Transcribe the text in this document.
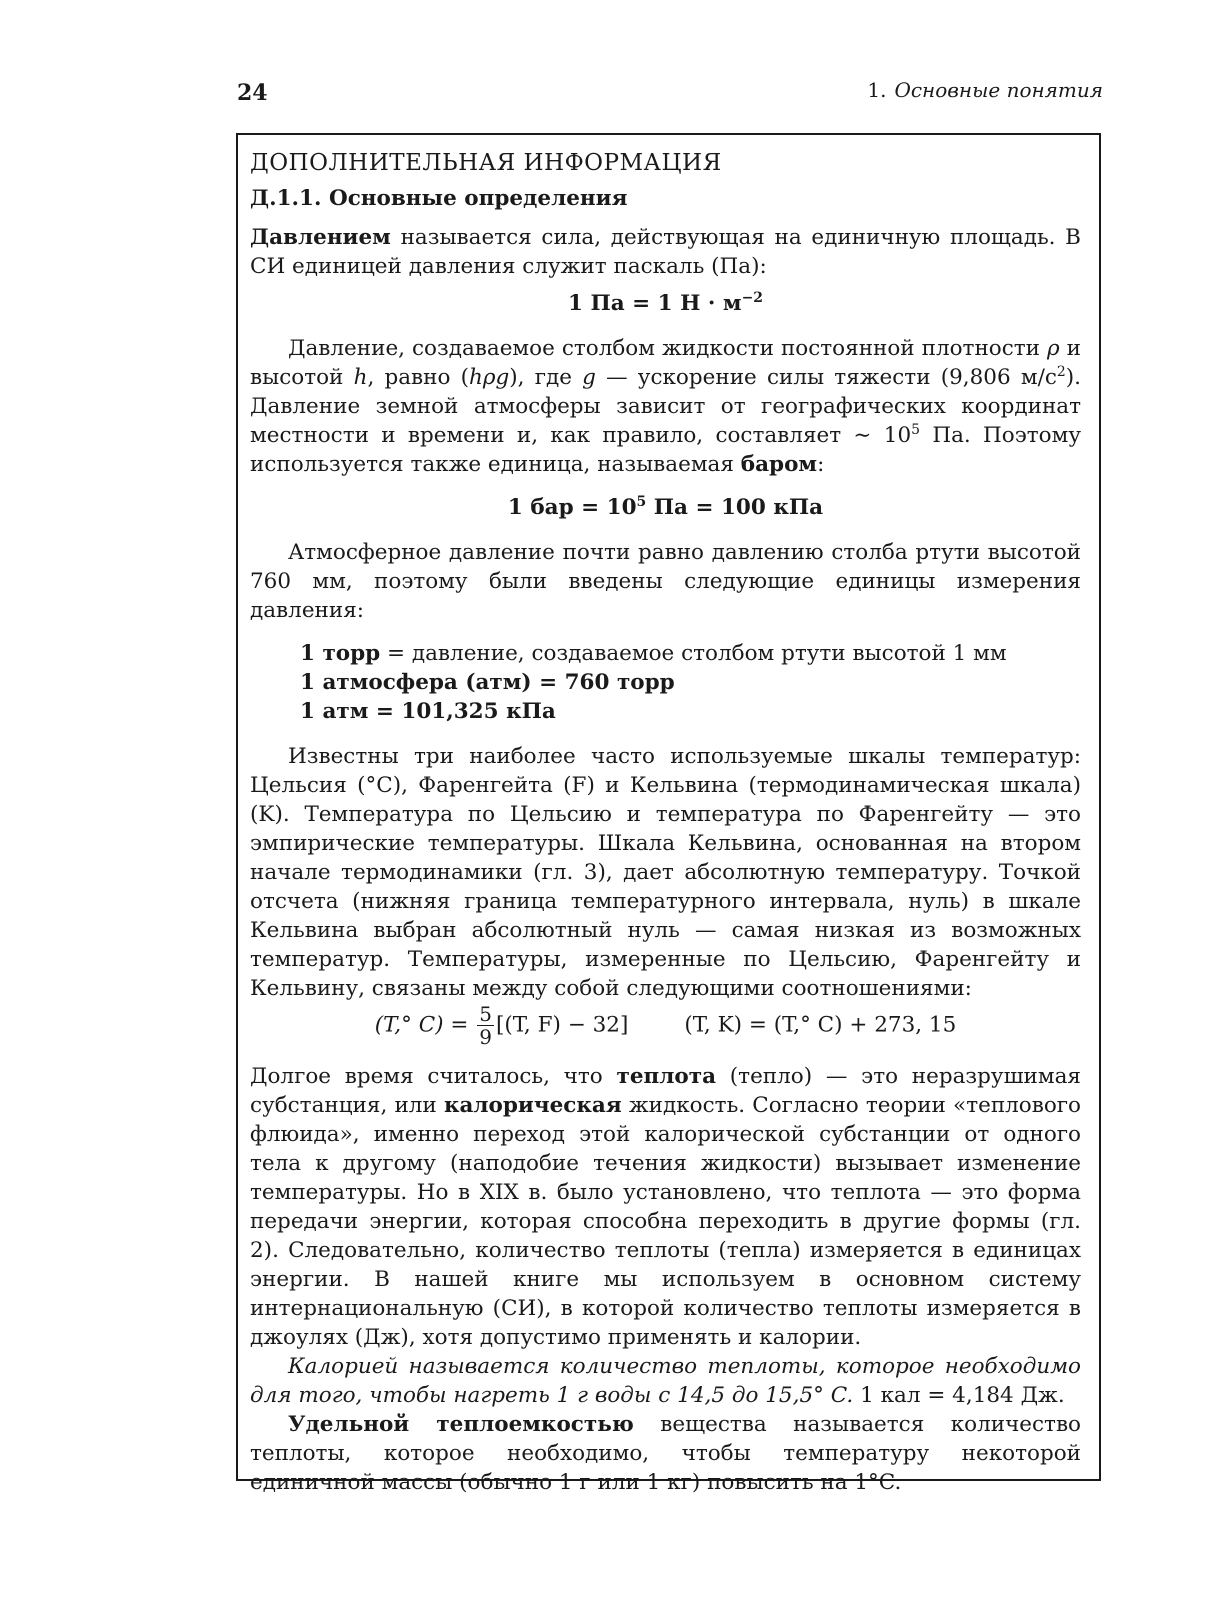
24	1. Основные понятия
ДОПОЛНИТЕЛЬНАЯ ИНФОРМАЦИЯ
Д.1.1. Основные определения

Давлением называется сила, действующая на единичную площадь. В СИ единицей давления служит паскаль (Па):

1 Па = 1 $Н \cdot м^{-2}$

Давление, создаваемое столбом жидкости постоянной плотности ρ и высотой h, равно (hρg), где g — ускорение силы тяжести (9,806 $м/с^2$). Давление земной атмосферы зависит от географических координат местности и времени и, как правило, составляет ∼ $10^5$ Па. Поэтому используется также единица, называемая баром:

1 бар = $10^5$ Па = 100 кПа

Атмосферное давление почти равно давлению столба ртути высотой 760 мм, поэтому были введены следующие единицы измерения давления:

1 торр = давление, создаваемое столбом ртути высотой 1 мм
1 атмосфера (атм) = 760 торр
1 атм = 101,325 кПа

Известны три наиболее часто используемые шкалы температур: Цельсия (°C), Фаренгейта (F) и Кельвина (термодинамическая шкала) (K). Температура по Цельсию и температура по Фаренгейту — это эмпирические температуры. Шкала Кельвина, основанная на втором начале термодинамики (гл. 3), дает абсолютную температуру. Точкой отсчета (нижняя граница температурного интервала, нуль) в шкале Кельвина выбран абсолютный нуль — самая низкая из возможных температур. Температуры, измеренные по Цельсию, Фаренгейту и Кельвину, связаны между собой следующими соотношениями:

(T,° $C) = \frac{5}{9} [(T$, F) − 32]	(T, K) = (T,° C) + 273, 15

Долгое время считалось, что теплота (тепло) — это неразрушимая субстанция, или калорическая жидкость. Согласно теории «теплового флюида», именно переход этой калорической субстанции от одного тела к другому (наподобие течения жидкости) вызывает изменение температуры. Но в XIX в. было установлено, что теплота — это форма передачи энергии, которая способна переходить в другие формы (гл. 2). Следовательно, количество теплоты (тепла) измеряется в единицах энергии. В нашей книге мы используем в основном систему интернациональную (СИ), в которой количество теплоты измеряется в джоулях (Дж), хотя допустимо применять и калории.

Калорией называется количество теплоты, которое необходимо для того, чтобы нагреть 1 г воды с 14,5 до 15,5° C. 1 кал = 4,184 Дж.

Удельной теплоемкостью вещества называется количество теплоты, которое необходимо, чтобы температуру некоторой единичной массы (обычно 1 г или 1 кг) повысить на 1°C.
